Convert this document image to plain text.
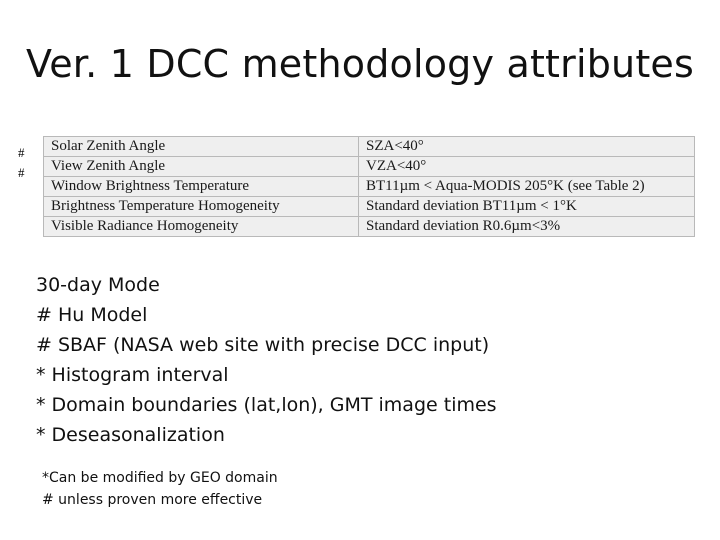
Ver. 1 DCC methodology attributes
#
#
Solar Zenith Angle	SZA<40°
View Zenith Angle	VZA<40°
Window Brightness Temperature	BT11µm < Aqua-MODIS 205°K (see Table 2)
Brightness Temperature Homogeneity	Standard deviation BT11µm < 1°K
Visible Radiance Homogeneity	Standard deviation R0.6µm<3%
30-day Mode
# Hu Model
# SBAF (NASA web site with precise DCC input)
* Histogram interval
* Domain boundaries (lat,lon), GMT image times
* Deseasonalization
*Can be modified by GEO domain
# unless proven more effective
